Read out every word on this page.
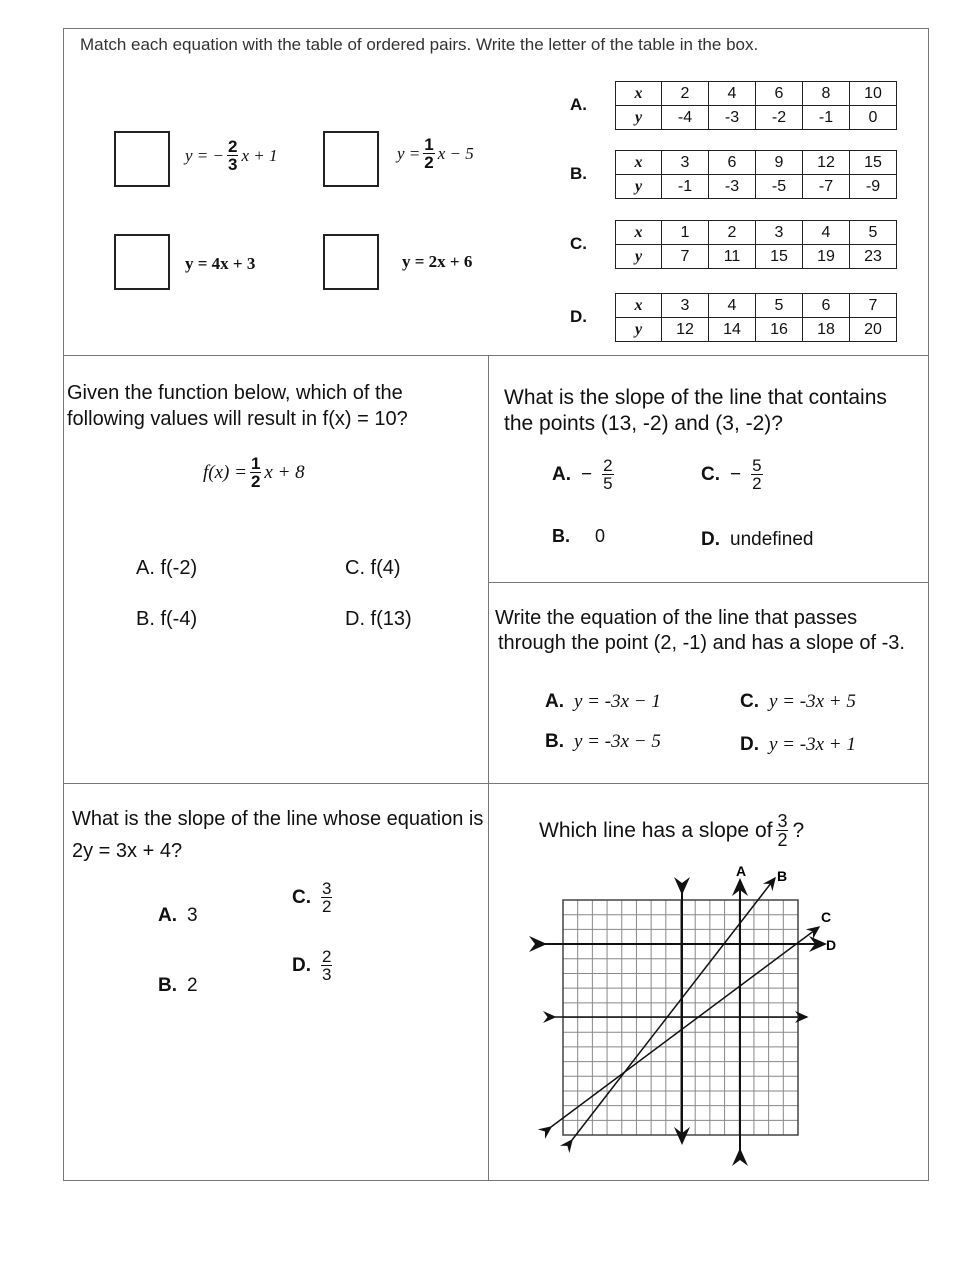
Match each equation with the table of ordered pairs. Write the letter of the table in the box.
y = − $\frac{2}{3}$ x + 1	$y = \frac{1}{2}$ x − 5
y = 4x + 3	y = 2x + 6
A.
x	2	4	6	8	10
y	-4	-3	-2	-1	0
B.
x	3	6	9	12	15
y	-1	-3	-5	-7	-9
C.
x	1	2	3	4	5
y	7	11	15	19	23
D.
x	3	4	5	6	7
y	12	14	16	18	20
Given the function below, which of the
following values will result in f(x) = 10?
$f(x) = \frac{1}{2}$ x + 8
A. f(-2)	C. f(4)
B. f(-4)	D. f(13)
What is the slope of the line that contains
the points (13, -2) and (3, -2)?
A. − $\frac{2}{5}$	C. − $\frac{5}{2}$
B.
0	D. undefined
Write the equation of the line that passes
through the point (2, -1) and has a slope of -3.
A. y = -3x − 1	C. y = -3x + 5
B. y = -3x − 5	D. y = -3x + 1
What is the slope of the line whose equation is
2y = 3x + 4?
A. 3
C. $\frac{3}{2}$
D. $\frac{2}{3}$
B. 2
Which line has a slope of $\frac{3}{2}$ ?
A B
C
D
